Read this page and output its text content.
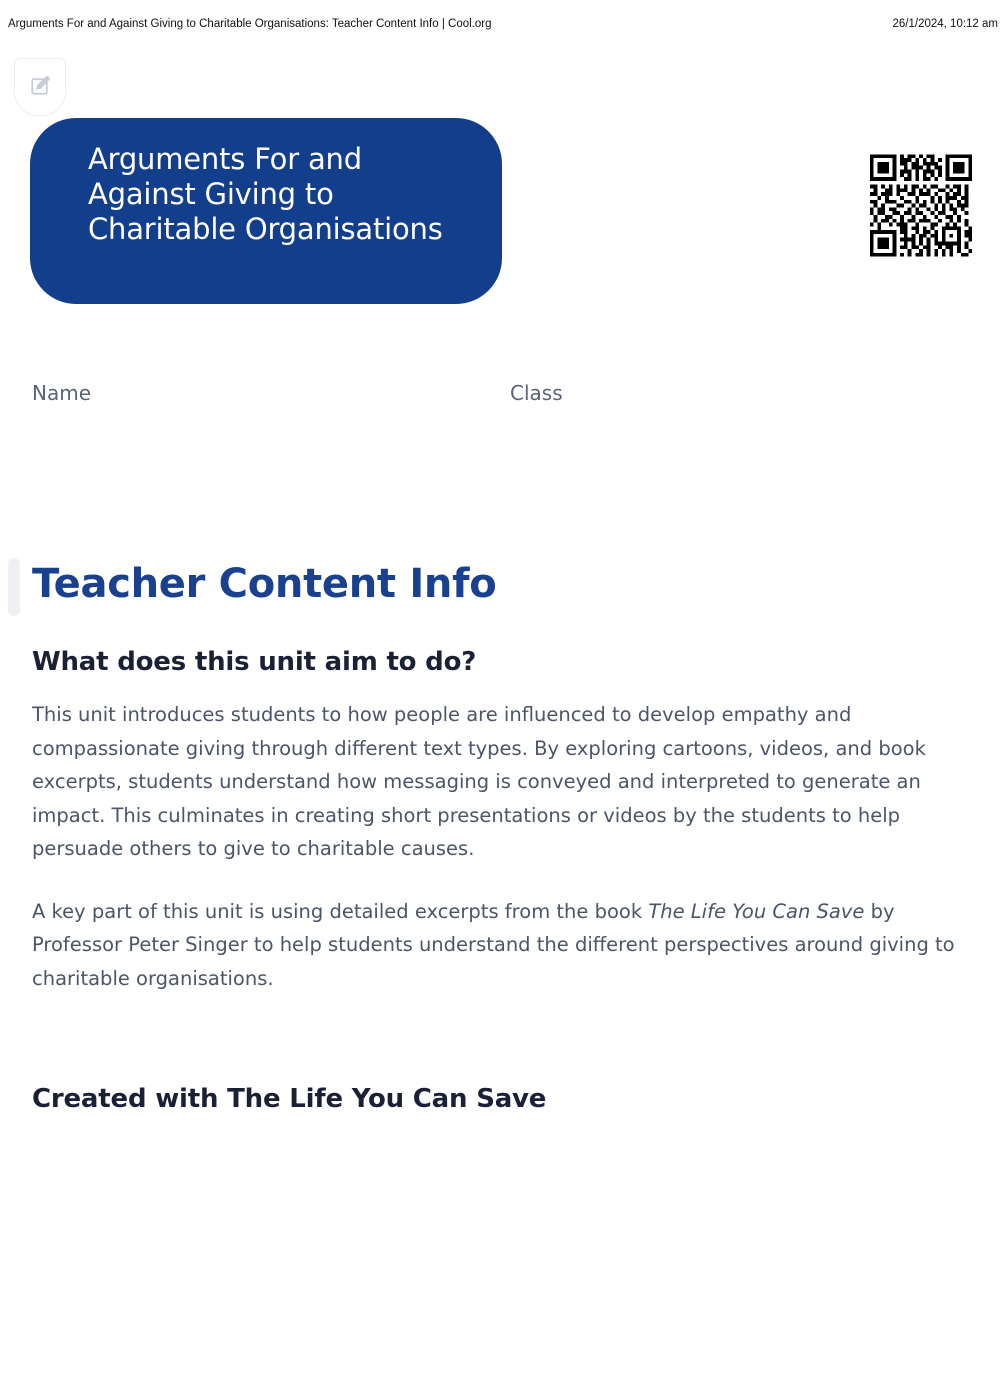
Arguments For and Against Giving to Charitable Organisations: Teacher Content Info | Cool.org	26/1/2024, 10:12 am
Arguments For and Against Giving to Charitable Organisations
Name	Class
Teacher Content Info
What does this unit aim to do?

This unit introduces students to how people are influenced to develop empathy and compassionate giving through different text types. By exploring cartoons, videos, and book excerpts, students understand how messaging is conveyed and interpreted to generate an impact. This culminates in creating short presentations or videos by the students to help persuade others to give to charitable causes.

A key part of this unit is using detailed excerpts from the book The Life You Can Save by Professor Peter Singer to help students understand the different perspectives around giving to charitable organisations.

Created with The Life You Can Save
